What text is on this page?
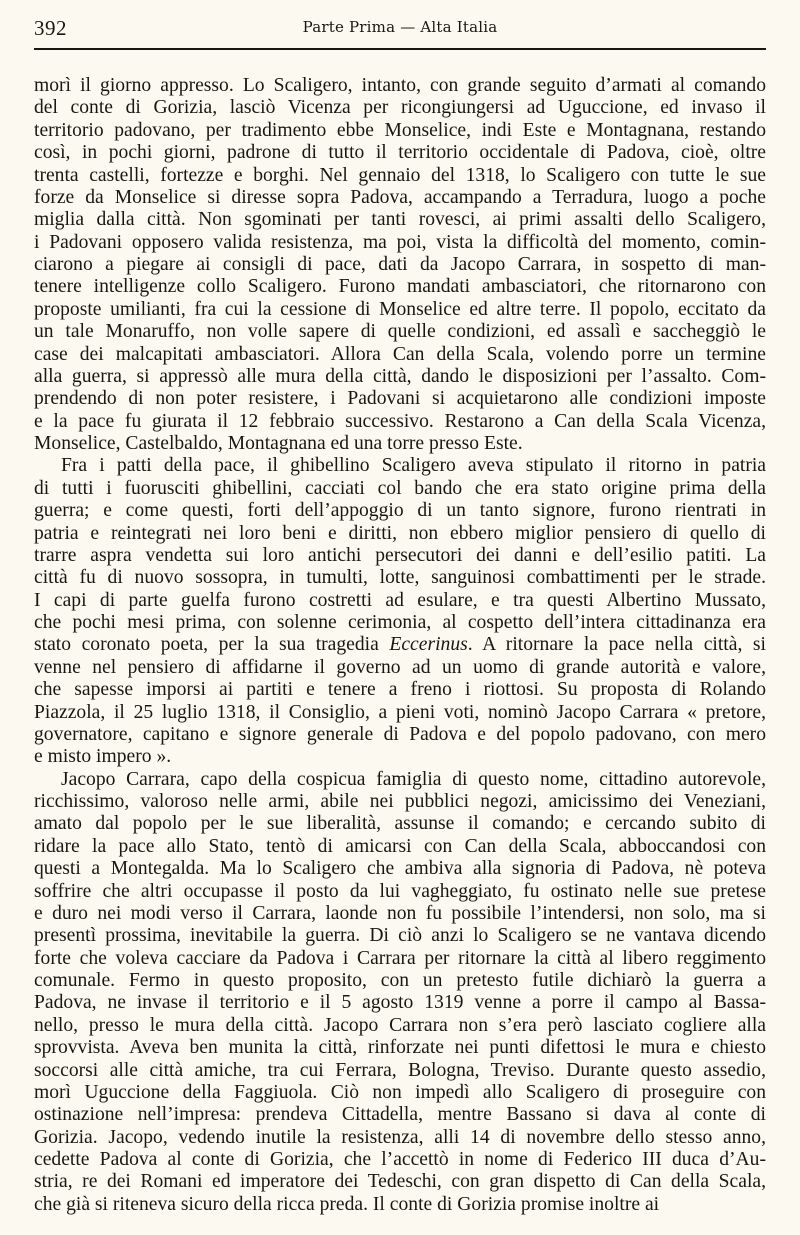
392	Parte Prima — Alta Italia
morì il giorno appresso. Lo Scaligero, intanto, con grande seguito d’armati al comando
del conte di Gorizia, lasciò Vicenza per ricongiungersi ad Uguccione, ed invaso il
territorio padovano, per tradimento ebbe Monselice, indi Este e Montagnana, restando
così, in pochi giorni, padrone di tutto il territorio occidentale di Padova, cioè, oltre
trenta castelli, fortezze e borghi. Nel gennaio del 1318, lo Scaligero con tutte le sue
forze da Monselice si diresse sopra Padova, accampando a Terradura, luogo a poche
miglia dalla città. Non sgominati per tanti rovesci, ai primi assalti dello Scaligero,
i Padovani opposero valida resistenza, ma poi, vista la difficoltà del momento, comin-
ciarono a piegare ai consigli di pace, dati da Jacopo Carrara, in sospetto di man-
tenere intelligenze collo Scaligero. Furono mandati ambasciatori, che ritornarono con
proposte umilianti, fra cui la cessione di Monselice ed altre terre. Il popolo, eccitato da
un tale Monaruffo, non volle sapere di quelle condizioni, ed assalì e saccheggiò le
case dei malcapitati ambasciatori. Allora Can della Scala, volendo porre un termine
alla guerra, si appressò alle mura della città, dando le disposizioni per l’assalto. Com-
prendendo di non poter resistere, i Padovani si acquietarono alle condizioni imposte
e la pace fu giurata il 12 febbraio successivo. Restarono a Can della Scala Vicenza,
Monselice, Castelbaldo, Montagnana ed una torre presso Este.
Fra i patti della pace, il ghibellino Scaligero aveva stipulato il ritorno in patria
di tutti i fuorusciti ghibellini, cacciati col bando che era stato origine prima della
guerra; e come questi, forti dell’appoggio di un tanto signore, furono rientrati in
patria e reintegrati nei loro beni e diritti, non ebbero miglior pensiero di quello di
trarre aspra vendetta sui loro antichi persecutori dei danni e dell’esilio patiti. La
città fu di nuovo sossopra, in tumulti, lotte, sanguinosi combattimenti per le strade.
I capi di parte guelfa furono costretti ad esulare, e tra questi Albertino Mussato,
che pochi mesi prima, con solenne cerimonia, al cospetto dell’intera cittadinanza era
stato coronato poeta, per la sua tragedia Eccerinus. A ritornare la pace nella città, si
venne nel pensiero di affidarne il governo ad un uomo di grande autorità e valore,
che sapesse imporsi ai partiti e tenere a freno i riottosi. Su proposta di Rolando
Piazzola, il 25 luglio 1318, il Consiglio, a pieni voti, nominò Jacopo Carrara « pretore,
governatore, capitano e signore generale di Padova e del popolo padovano, con mero
e misto impero ».
Jacopo Carrara, capo della cospicua famiglia di questo nome, cittadino autorevole,
ricchissimo, valoroso nelle armi, abile nei pubblici negozi, amicissimo dei Veneziani,
amato dal popolo per le sue liberalità, assunse il comando; e cercando subito di
ridare la pace allo Stato, tentò di amicarsi con Can della Scala, abboccandosi con
questi a Montegalda. Ma lo Scaligero che ambiva alla signoria di Padova, nè poteva
soffrire che altri occupasse il posto da lui vagheggiato, fu ostinato nelle sue pretese
e duro nei modi verso il Carrara, laonde non fu possibile l’intendersi, non solo, ma si
presentì prossima, inevitabile la guerra. Di ciò anzi lo Scaligero se ne vantava dicendo
forte che voleva cacciare da Padova i Carrara per ritornare la città al libero reggimento
comunale. Fermo in questo proposito, con un pretesto futile dichiarò la guerra a
Padova, ne invase il territorio e il 5 agosto 1319 venne a porre il campo al Bassa-
nello, presso le mura della città. Jacopo Carrara non s’era però lasciato cogliere alla
sprovvista. Aveva ben munita la città, rinforzate nei punti difettosi le mura e chiesto
soccorsi alle città amiche, tra cui Ferrara, Bologna, Treviso. Durante questo assedio,
morì Uguccione della Faggiuola. Ciò non impedì allo Scaligero di proseguire con
ostinazione nell’impresa: prendeva Cittadella, mentre Bassano si dava al conte di
Gorizia. Jacopo, vedendo inutile la resistenza, alli 14 di novembre dello stesso anno,
cedette Padova al conte di Gorizia, che l’accettò in nome di Federico III duca d’Au-
stria, re dei Romani ed imperatore dei Tedeschi, con gran dispetto di Can della Scala,
che già si riteneva sicuro della ricca preda. Il conte di Gorizia promise inoltre ai
